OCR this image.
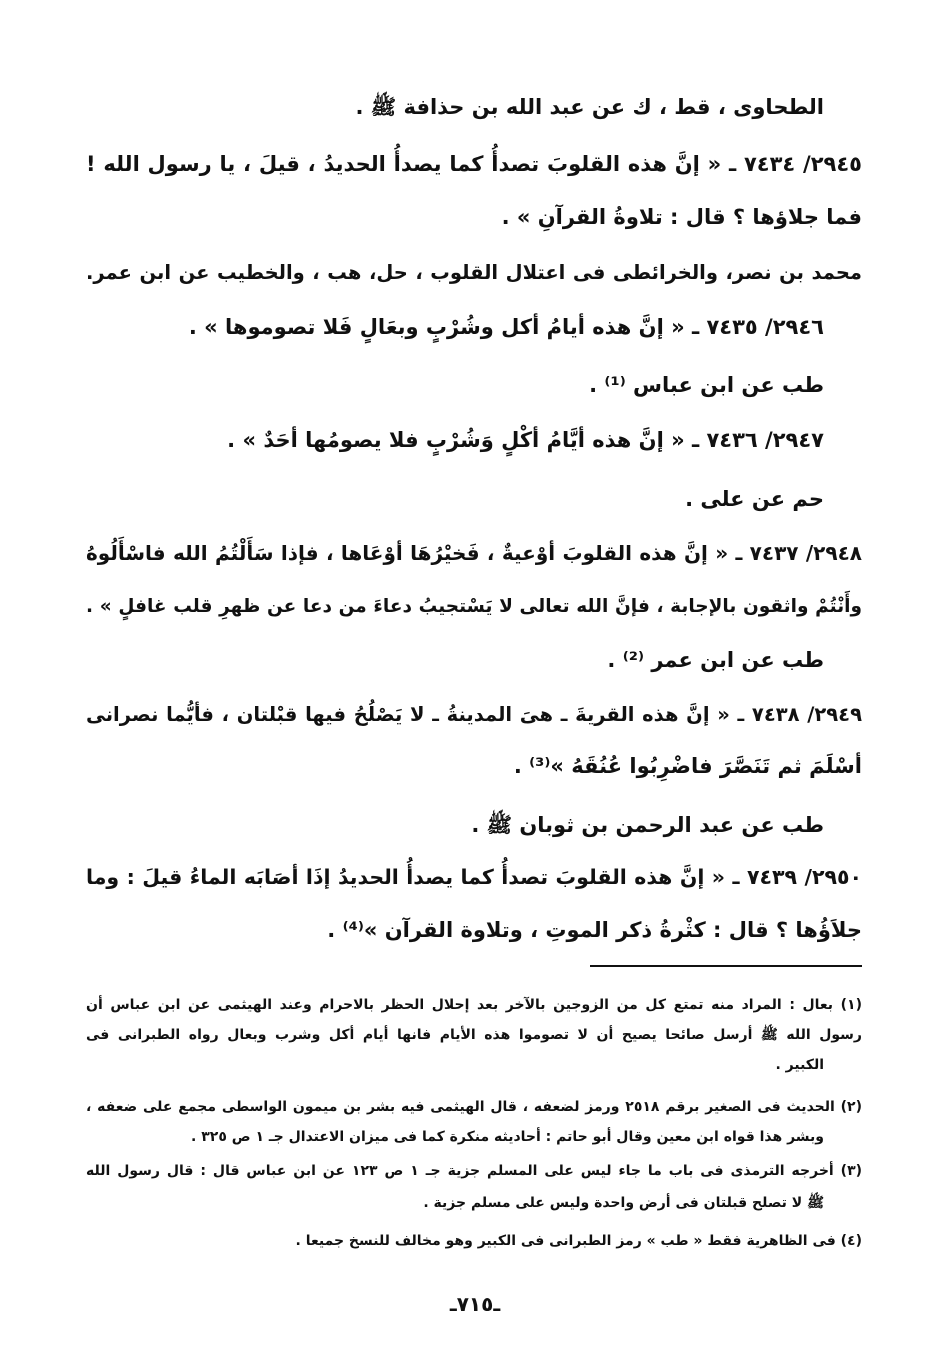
الطحاوى ، قط ، ك عن عبد الله بن حذافة ﷺ .
٢٩٤٥/ ٧٤٣٤ ـ « إنَّ هذه القلوبَ تصدأُ كما يصدأُ الحديدُ ، قيلَ ، يا رسول الله !
فما جلاؤها ؟ قال : تلاوةُ القرآنِ » .
محمد بن نصر، والخرائطى فى اعتلال القلوب ، حل، هب ، والخطيب عن ابن عمر.
٢٩٤٦/ ٧٤٣٥ ـ « إنَّ هذه أيامُ أكل وشُرْبٍ وبعَالٍ فَلا تصوموها » .
طب عن ابن عباس ⁽¹⁾ .
٢٩٤٧/ ٧٤٣٦ ـ « إنَّ هذه أيَّامُ أكْلٍ وَشُرْبٍ فلا يصومُها أحَدٌ » .
حم عن على .
٢٩٤٨/ ٧٤٣٧ ـ « إنَّ هذه القلوبَ أوْعيةٌ ، فَخيْرُهَا أوْعَاها ، فإذا سَأَلْتُمُ الله فاسْأَلُوهُ
وأَنْتُمْ واثقون بالإجابة ، فإنَّ الله تعالى لا يَسْتجيبُ دعاءَ من دعا عن ظهرِ قلب غافلٍ » .
طب عن ابن عمر ⁽²⁾ .
٢٩٤٩/ ٧٤٣٨ ـ « إنَّ هذه القريةَ ـ هىَ المدينةُ ـ لا يَصْلُحُ فيها قبْلتان ، فأيُّما نصرانى
أسْلَمَ ثم تَنَصَّرَ فاضْرِبُوا عُنُقَهُ »⁽³⁾ .
طب عن عبد الرحمن بن ثوبان ﷺ .
٢٩٥٠/ ٧٤٣٩ ـ « إنَّ هذه القلوبَ تصدأُ كما يصدأُ الحديدُ إذَا أصَابَه الماءُ قيلَ : وما
جلاَؤُها ؟ قال : كثْرةُ ذكر الموتِ ، وتلاوة القرآن »⁽⁴⁾ .
(١) بعال : المراد منه تمتع كل من الزوجين بالآخر بعد إحلال الحظر بالاحرام وعند الهيثمى عن ابن عباس أن
رسول الله ﷺ أرسل صائحا يصيح أن لا تصوموا هذه الأيام فانها أيام أكل وشرب وبعال رواه الطبرانى فى
الكبير .
(٢) الحديث فى الصغير برقم ٢٥١٨ ورمز لضعفه ، قال الهيثمى فيه بشر بن ميمون الواسطى مجمع على ضعفه ،
وبشر هذا قواه ابن معين وقال أبو حاتم : أحاديثه منكرة كما فى ميزان الاعتدال جـ ١ ص ٣٢٥ .
(٣) أخرجه الترمذى فى باب ما جاء ليس على المسلم جزية جـ ١ ص ١٢٣ عن ابن عباس قال : قال رسول الله
ﷺ لا تصلح قبلتان فى أرض واحدة وليس على مسلم جزية .
(٤) فى الظاهرية فقط « طب » رمز الطبرانى فى الكبير وهو مخالف للنسخ جميعا .
ـ٧١٥ـ
